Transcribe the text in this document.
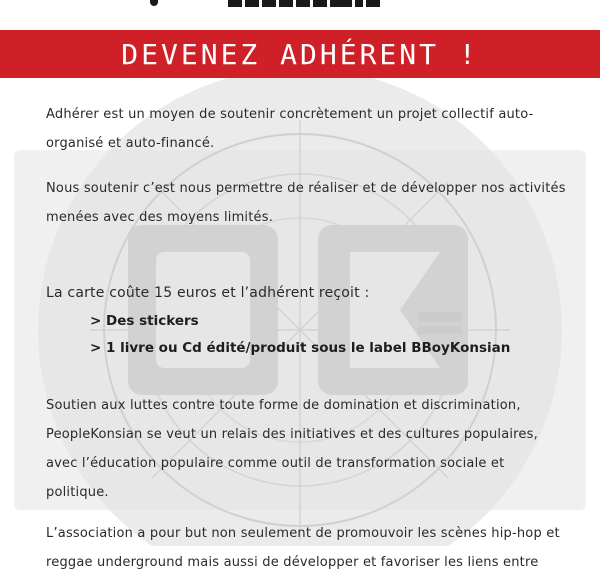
DEVENEZ ADHÉRENT !

Adhérer est un moyen de soutenir concrètement un projet collectif auto-organisé et auto-financé.

Nous soutenir c’est nous permettre de réaliser et de développer nos activités menées avec des moyens limités.

La carte coûte 15 euros et l’adhérent reçoit :

> Des stickers
> 1 livre ou Cd édité/produit sous le label BBoyKonsian

Soutien aux luttes contre toute forme de domination et discrimination, PeopleKonsian se veut un relais des initiatives et des cultures populaires, avec l’éducation populaire comme outil de transformation sociale et politique.

L’association a pour but non seulement de promouvoir les scènes hip-hop et reggae underground mais aussi de développer et favoriser les liens entre
